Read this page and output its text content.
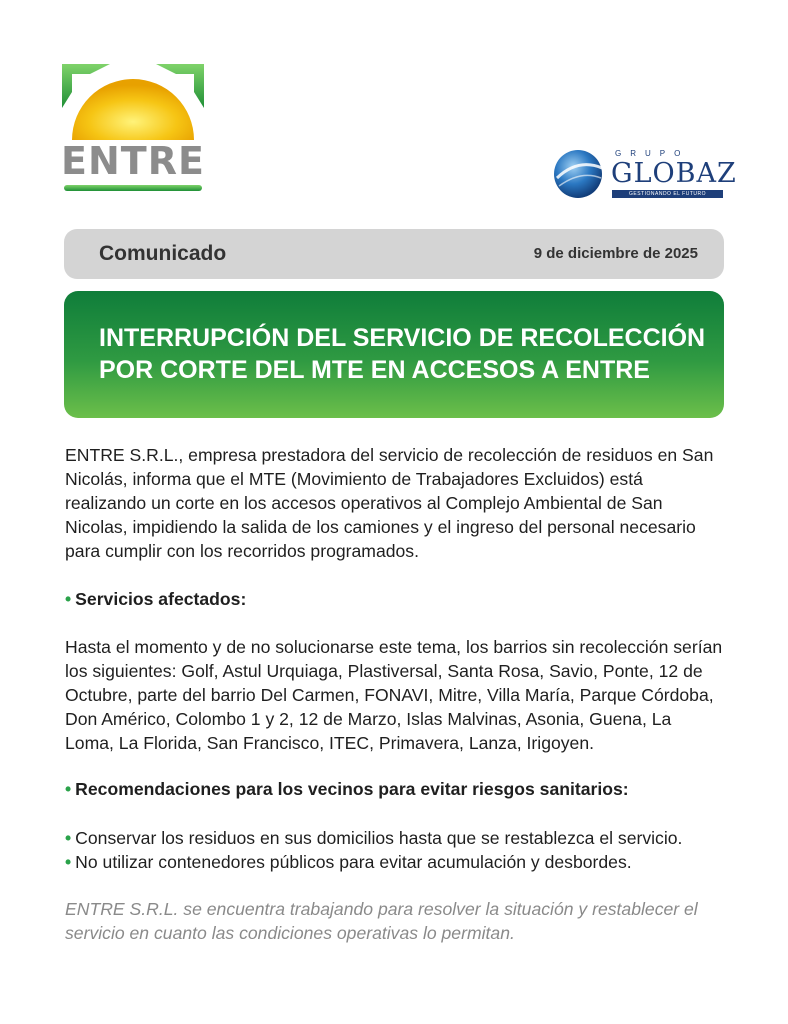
ENTRE	GRUPO
GLOBAZ
GESTIONANDO EL FUTURO
Comunicado	9 de diciembre de 2025

INTERRUPCIÓN DEL SERVICIO DE RECOLECCIÓN
POR CORTE DEL MTE EN ACCESOS A ENTRE

ENTRE S.R.L., empresa prestadora del servicio de recolección de residuos en San Nicolás, informa que el MTE (Movimiento de Trabajadores Excluidos) está realizando un corte en los accesos operativos al Complejo Ambiental de San Nicolas, impidiendo la salida de los camiones y el ingreso del personal necesario para cumplir con los recorridos programados.

• Servicios afectados:

Hasta el momento y de no solucionarse este tema, los barrios sin recolección serían los siguientes: Golf, Astul Urquiaga, Plastiversal, Santa Rosa, Savio, Ponte, 12 de Octubre, parte del barrio Del Carmen, FONAVI, Mitre, Villa María, Parque Córdoba, Don Américo, Colombo 1 y 2, 12 de Marzo, Islas Malvinas, Asonia, Guena, La Loma, La Florida, San Francisco, ITEC, Primavera, Lanza, Irigoyen.

• Recomendaciones para los vecinos para evitar riesgos sanitarios:

• Conservar los residuos en sus domicilios hasta que se restablezca el servicio.
• No utilizar contenedores públicos para evitar acumulación y desbordes.

ENTRE S.R.L. se encuentra trabajando para resolver la situación y restablecer el servicio en cuanto las condiciones operativas lo permitan.
